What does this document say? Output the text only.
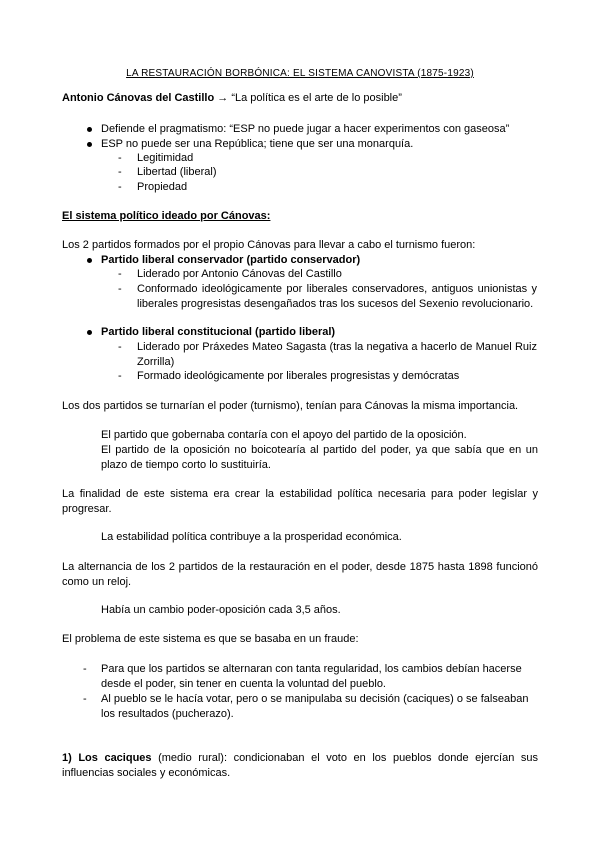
LA RESTAURACIÓN BORBÓNICA: EL SISTEMA CANOVISTA (1875-1923)
Antonio Cánovas del Castillo → “La política es el arte de lo posible”
Defiende el pragmatismo: “ESP no puede jugar a hacer experimentos con gaseosa”
ESP no puede ser una República; tiene que ser una monarquía.
- Legitimidad
- Libertad (liberal)
- Propiedad
El sistema político ideado por Cánovas:
Los 2 partidos formados por el propio Cánovas para llevar a cabo el turnismo fueron:
Partido liberal conservador (partido conservador)
- Liderado por Antonio Cánovas del Castillo
- Conformado ideológicamente por liberales conservadores, antiguos unionistas y liberales progresistas desengañados tras los sucesos del Sexenio revolucionario.
Partido liberal constitucional (partido liberal)
- Liderado por Práxedes Mateo Sagasta (tras la negativa a hacerlo de Manuel Ruiz Zorrilla)
- Formado ideológicamente por liberales progresistas y demócratas
Los dos partidos se turnarían el poder (turnismo), tenían para Cánovas la misma importancia.
El partido que gobernaba contaría con el apoyo del partido de la oposición.
El partido de la oposición no boicotearía al partido del poder, ya que sabía que en un plazo de tiempo corto lo sustituiría.
La finalidad de este sistema era crear la estabilidad política necesaria para poder legislar y progresar.
La estabilidad política contribuye a la prosperidad económica.
La alternancia de los 2 partidos de la restauración en el poder, desde 1875 hasta 1898 funcionó como un reloj.
Había un cambio poder-oposición cada 3,5 años.
El problema de este sistema es que se basaba en un fraude:
- Para que los partidos se alternaran con tanta regularidad, los cambios debían hacerse desde el poder, sin tener en cuenta la voluntad del pueblo.
- Al pueblo se le hacía votar, pero o se manipulaba su decisión (caciques) o se falseaban los resultados (pucherazo).
1) Los caciques (medio rural): condicionaban el voto en los pueblos donde ejercían sus influencias sociales y económicas.
